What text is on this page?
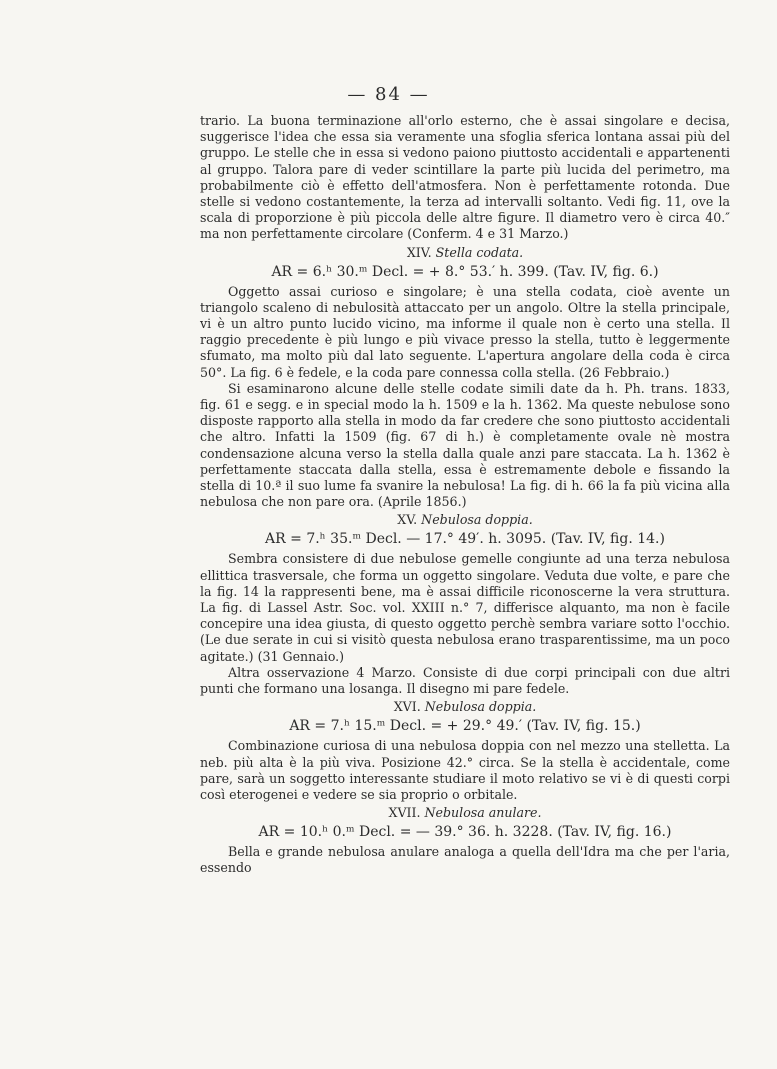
— 84 —

trario. La buona terminazione all'orlo esterno, che è assai singolare e decisa, suggerisce l'idea che essa sia veramente una sfoglia sferica lontana assai più del gruppo. Le stelle che in essa si vedono paiono piuttosto accidentali e appartenenti al gruppo. Talora pare di veder scintillare la parte più lucida del perimetro, ma probabilmente ciò è effetto dell'atmosfera. Non è perfettamente rotonda. Due stelle si vedono costantemente, la terza ad intervalli soltanto. Vedi fig. 11, ove la scala di proporzione è più piccola delle altre figure. Il diametro vero è circa 40.″ ma non perfettamente circolare (Conferm. 4 e 31 Marzo.)

XIV. Stella codata.
AR = 6.ʰ 30.ᵐ Decl. = + 8.° 53.′ h. 399. (Tav. IV, fig. 6.)

Oggetto assai curioso e singolare; è una stella codata, cioè avente un triangolo scaleno di nebulosità attaccato per un angolo. Oltre la stella principale, vi è un altro punto lucido vicino, ma informe il quale non è certo una stella. Il raggio precedente è più lungo e più vivace presso la stella, tutto è leggermente sfumato, ma molto più dal lato seguente. L'apertura angolare della coda è circa 50°. La fig. 6 è fedele, e la coda pare connessa colla stella. (26 Febbraio.)

Si esaminarono alcune delle stelle codate simili date da h. Ph. trans. 1833, fig. 61 e segg. e in special modo la h. 1509 e la h. 1362. Ma queste nebulose sono disposte rapporto alla stella in modo da far credere che sono piuttosto accidentali che altro. Infatti la 1509 (fig. 67 di h.) è completamente ovale nè mostra condensazione alcuna verso la stella dalla quale anzi pare staccata. La h. 1362 è perfettamente staccata dalla stella, essa è estremamente debole e fissando la stella di 10.ª il suo lume fa svanire la nebulosa! La fig. di h. 66 la fa più vicina alla nebulosa che non pare ora. (Aprile 1856.)

XV. Nebulosa doppia.
AR = 7.ʰ 35.ᵐ Decl. — 17.° 49′. h. 3095. (Tav. IV, fig. 14.)

Sembra consistere di due nebulose gemelle congiunte ad una terza nebulosa ellittica trasversale, che forma un oggetto singolare. Veduta due volte, e pare che la fig. 14 la rappresenti bene, ma è assai difficile riconoscerne la vera struttura. La fig. di Lassel Astr. Soc. vol. XXIII n.° 7, differisce alquanto, ma non è facile concepire una idea giusta, di questo oggetto perchè sembra variare sotto l'occhio. (Le due serate in cui si visitò questa nebulosa erano trasparentissime, ma un poco agitate.) (31 Gennaio.)

Altra osservazione 4 Marzo. Consiste di due corpi principali con due altri punti che formano una losanga. Il disegno mi pare fedele.

XVI. Nebulosa doppia.
AR = 7.ʰ 15.ᵐ Decl. = + 29.° 49.′ (Tav. IV, fig. 15.)

Combinazione curiosa di una nebulosa doppia con nel mezzo una stelletta. La neb. più alta è la più viva. Posizione 42.° circa. Se la stella è accidentale, come pare, sarà un soggetto interessante studiare il moto relativo se vi è di questi corpi così eterogenei e vedere se sia proprio o orbitale.

XVII. Nebulosa anulare.
AR = 10.ʰ 0.ᵐ Decl. = — 39.° 36. h. 3228. (Tav. IV, fig. 16.)

Bella e grande nebulosa anulare analoga a quella dell'Idra ma che per l'aria, essendo
